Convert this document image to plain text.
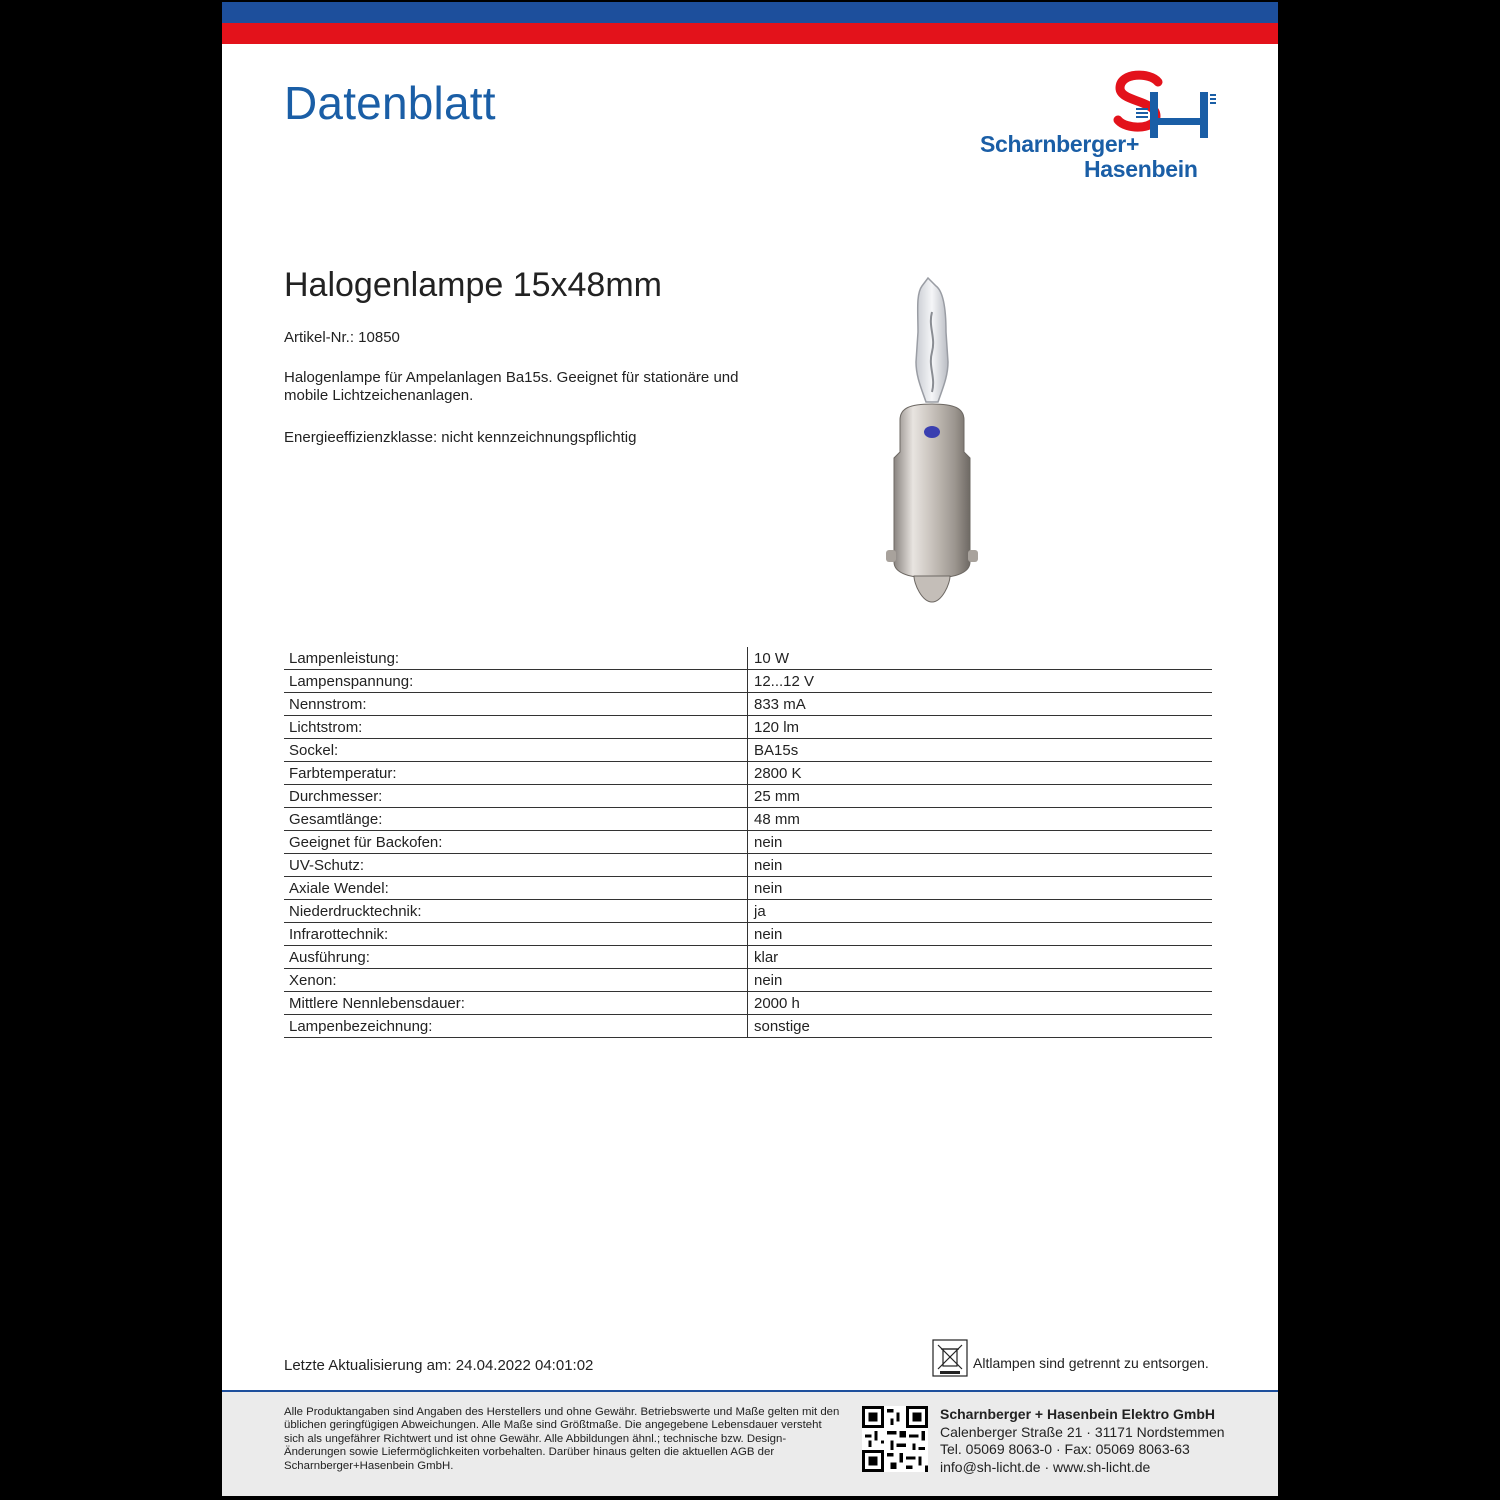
Datenblatt
Scharnberger+
Hasenbein
Halogenlampe 15x48mm
Artikel-Nr.: 10850
Halogenlampe für Ampelanlagen Ba15s. Geeignet für stationäre und mobile Lichtzeichenanlagen.
Energieeffizienzklasse: nicht kennzeichnungspflichtig
Lampenleistung:	10 W
Lampenspannung:	12...12 V
Nennstrom:	833 mA
Lichtstrom:	120 lm
Sockel:	BA15s
Farbtemperatur:	2800 K
Durchmesser:	25 mm
Gesamtlänge:	48 mm
Geeignet für Backofen:	nein
UV-Schutz:	nein
Axiale Wendel:	nein
Niederdrucktechnik:	ja
Infrarottechnik:	nein
Ausführung:	klar
Xenon:	nein
Mittlere Nennlebensdauer:	2000 h
Lampenbezeichnung:	sonstige
Letzte Aktualisierung am: 24.04.2022 04:01:02	Altlampen sind getrennt zu entsorgen.
Alle Produktangaben sind Angaben des Herstellers und ohne Gewähr. Betriebswerte und Maße gelten mit den üblichen geringfügigen Abweichungen. Alle Maße sind Größtmaße. Die angegebene Lebensdauer versteht sich als ungefährer Richtwert und ist ohne Gewähr. Alle Abbildungen ähnl.; technische bzw. Design-Änderungen sowie Liefermöglichkeiten vorbehalten. Darüber hinaus gelten die aktuellen AGB der Scharnberger+Hasenbein GmbH.
Scharnberger + Hasenbein Elektro GmbH
Calenberger Straße 21 · 31171 Nordstemmen
Tel. 05069 8063-0 · Fax: 05069 8063-63
info@sh-licht.de · www.sh-licht.de
